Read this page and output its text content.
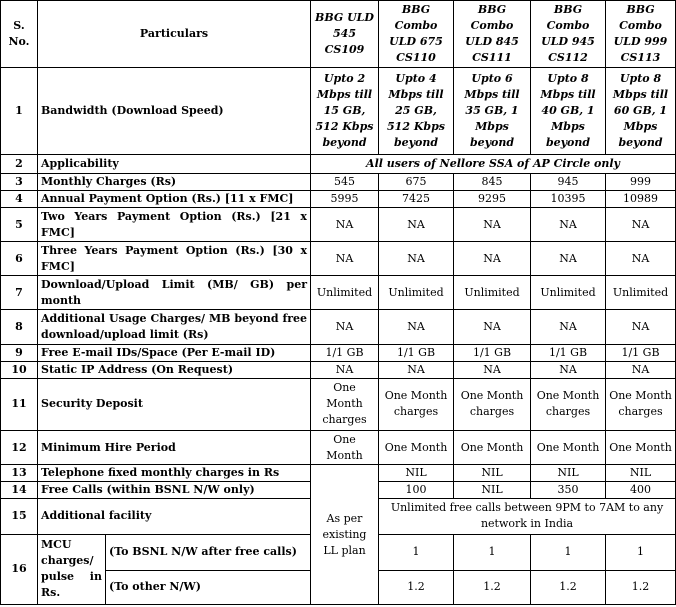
S. No.	Particulars		BBG ULD 545 CS109	BBG Combo ULD 675 CS110	BBG Combo ULD 845 CS111	BBG Combo ULD 945 CS112	BBG Combo ULD 999 CS113
1	Bandwidth (Download Speed)		Upto 2 Mbps till 15 GB, 512 Kbps beyond	Upto 4 Mbps till 25 GB, 512 Kbps beyond	Upto 6 Mbps till 35 GB, 1 Mbps beyond	Upto 8 Mbps till 40 GB, 1 Mbps beyond	Upto 8 Mbps till 60 GB, 1 Mbps beyond
2	Applicability		All users of Nellore SSA of AP Circle only				
3	Monthly Charges (Rs)		545	675	845	945	999
4	Annual Payment Option (Rs.) [11 x FMC]		5995	7425	9295	10395	10989
5	Two Years Payment Option (Rs.) [21 x FMC]		NA	NA	NA	NA	NA
6	Three Years Payment Option (Rs.) [30 x FMC]		NA	NA	NA	NA	NA
7	Download/Upload Limit (MB/ GB) per month		Unlimited	Unlimited	Unlimited	Unlimited	Unlimited
8	Additional Usage Charges/ MB beyond free download/upload limit (Rs)		NA	NA	NA	NA	NA
9	Free E-mail IDs/Space (Per E-mail ID)		1/1 GB	1/1 GB	1/1 GB	1/1 GB	1/1 GB
10	Static IP Address (On Request)		NA	NA	NA	NA	NA
11	Security Deposit		One Month charges	One Month charges	One Month charges	One Month charges	One Month charges
12	Minimum Hire Period		One Month	One Month	One Month	One Month	One Month
13	Telephone fixed monthly charges in Rs		As per existing LL plan	NIL	NIL	NIL	NIL
14	Free Calls (within BSNL N/W only)			100	NIL	350	400
15	Additional facility			Unlimited free calls between 9PM to 7AM to any network in India			
16	MCU charges/ pulse in Rs.	(To BSNL N/W after free calls)		1	1	1	1
		(To other N/W)		1.2	1.2	1.2	1.2
